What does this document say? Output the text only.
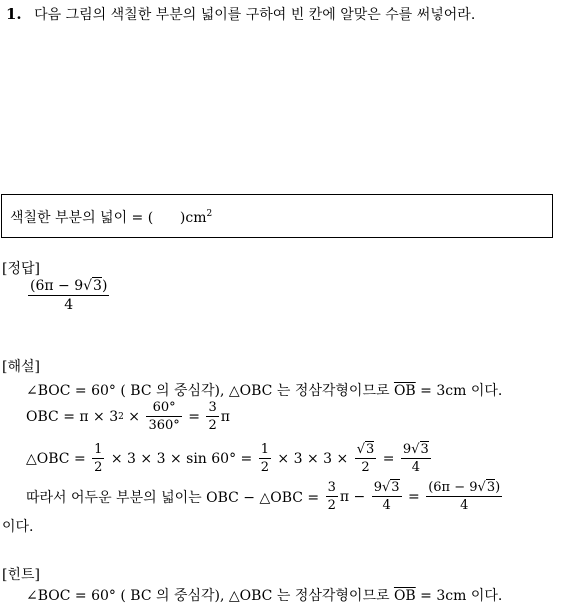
1. 다음 그림의 색칠한 부분의 넓이를 구하여 빈 칸에 알맞은 수를 써넣어라.
색칠한 부분의 넓이 = ( )$cm^2$
[정답]
$\frac{(6\pi - 9√3)}{4}$
[해설]
∠BOC = 60° ( BC 의 중심각), △OBC 는 정삼각형이므로 $\overline{OB} = 3cm$ 이다.
OBC = π × 3 $2 \times \frac{60^\circ}{360^\circ} = \frac{3}{2}$ π
△OBC = $\frac{1}{2} \times 3 \times 3 \times \sin 60^\circ = \frac{1}{2} \times 3 \times 3 \times \frac{√3}{2} = \frac{9√3}{4}$
따라서 어두운 부분의 넓이는 OBC − △OBC = $\frac{3}{2}$ $\pi - \frac{9√3}{4} = \frac{(6\pi - 9√3)}{4}$
이다.
[힌트]
∠BOC = 60° ( BC 의 중심각), △OBC 는 정삼각형이므로 $\overline{OB} = 3cm$ 이다.
